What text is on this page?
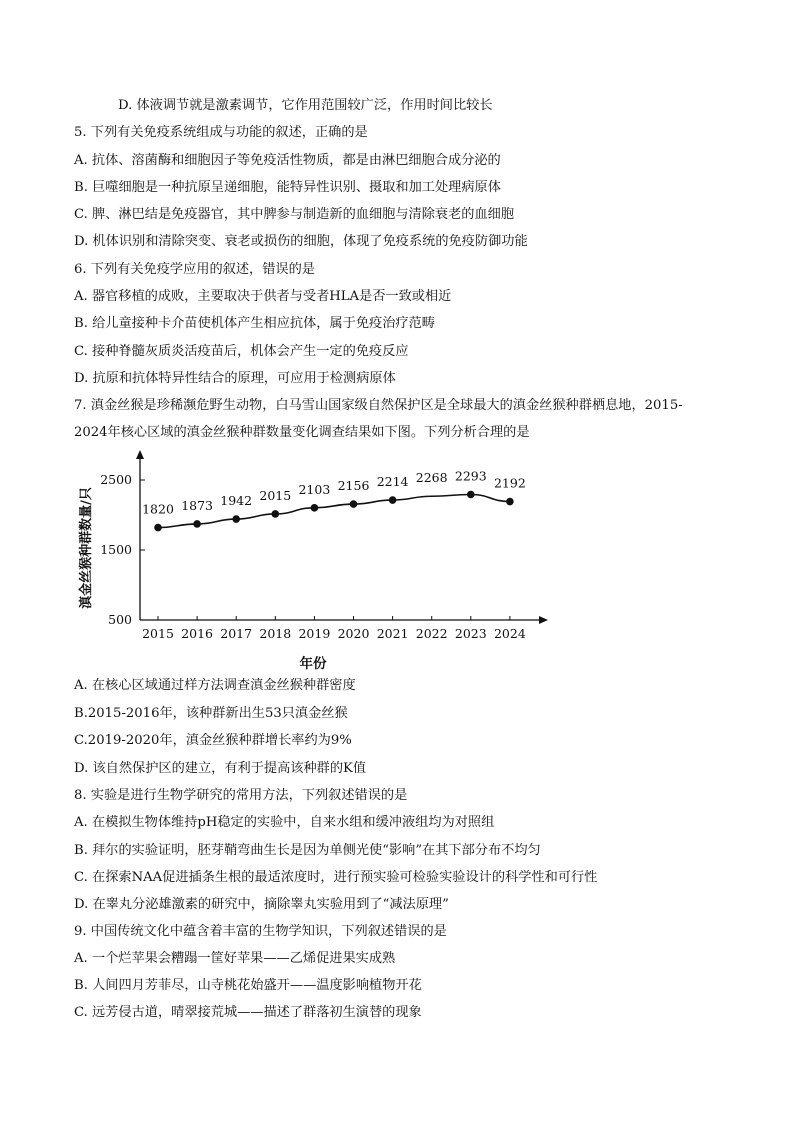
D. 体液调节就是激素调节，它作用范围较广泛，作用时间比较长
5. 下列有关免疫系统组成与功能的叙述，正确的是
A. 抗体、溶菌酶和细胞因子等免疫活性物质，都是由淋巴细胞合成分泌的
B. 巨噬细胞是一种抗原呈递细胞，能特异性识别、摄取和加工处理病原体
C. 脾、淋巴结是免疫器官，其中脾参与制造新的血细胞与清除衰老的血细胞
D. 机体识别和清除突变、衰老或损伤的细胞，体现了免疫系统的免疫防御功能
6. 下列有关免疫学应用的叙述，错误的是
A. 器官移植的成败，主要取决于供者与受者HLA是否一致或相近
B. 给儿童接种卡介苗使机体产生相应抗体，属于免疫治疗范畴
C. 接种脊髓灰质炎活疫苗后，机体会产生一定的免疫反应
D. 抗原和抗体特异性结合的原理，可应用于检测病原体
7. 滇金丝猴是珍稀濒危野生动物，白马雪山国家级自然保护区是全球最大的滇金丝猴种群栖息地，2015-
2024年核心区域的滇金丝猴种群数量变化调查结果如下图。下列分析合理的是
500
1500
2500
2015 2016 2017 2018 2019 2020 2021 2022 2023 2024
1820 1873 1942 2015 2103 2156 2214 2268 2293 2192
滇金丝猴种群数量/只
年份
A. 在核心区域通过样方法调查滇金丝猴种群密度
B.2015-2016年，该种群新出生53只滇金丝猴
C.2019-2020年，滇金丝猴种群增长率约为9%
D. 该自然保护区的建立，有利于提高该种群的K值
8. 实验是进行生物学研究的常用方法，下列叙述错误的是
A. 在模拟生物体维持pH稳定的实验中，自来水组和缓冲液组均为对照组
B. 拜尔的实验证明，胚芽鞘弯曲生长是因为单侧光使“影响”在其下部分布不均匀
C. 在探索NAA促进插条生根的最适浓度时，进行预实验可检验实验设计的科学性和可行性
D. 在睾丸分泌雄激素的研究中，摘除睾丸实验用到了“减法原理”
9. 中国传统文化中蕴含着丰富的生物学知识，下列叙述错误的是
A. 一个烂苹果会糟蹋一筐好苹果——乙烯促进果实成熟
B. 人间四月芳菲尽，山寺桃花始盛开——温度影响植物开花
C. 远芳侵古道，晴翠接荒城——描述了群落初生演替的现象
